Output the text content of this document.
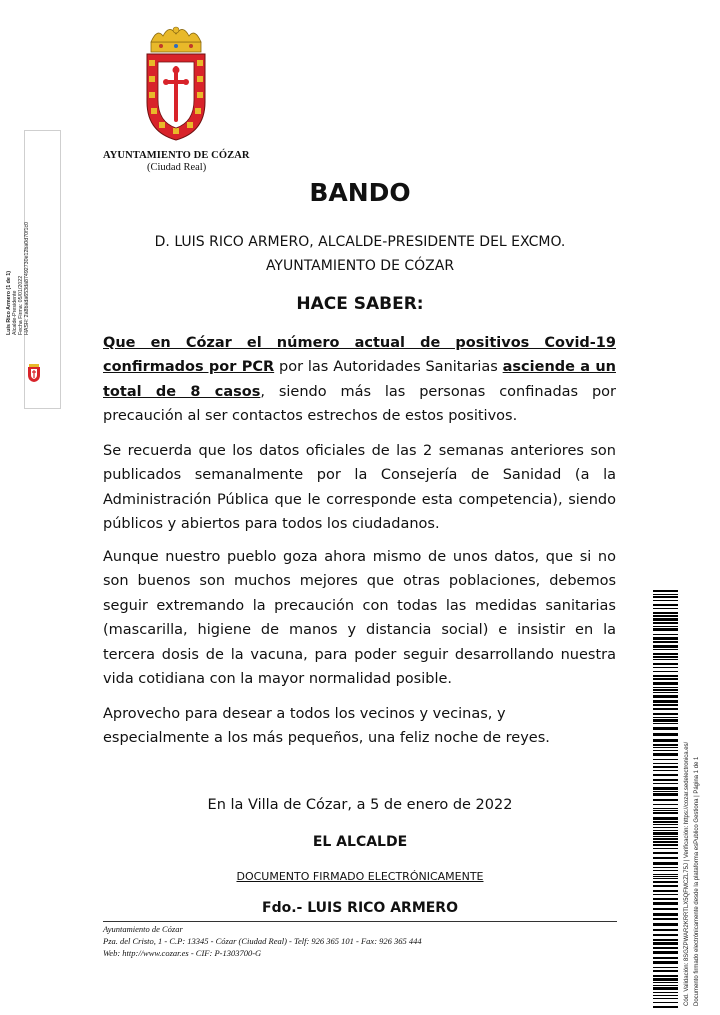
AYUNTAMIENTO DE CÓZAR
(Ciudad Real)
BANDO
D. LUIS RICO ARMERO, ALCALDE-PRESIDENTE DEL EXCMO.
AYUNTAMIENTO DE CÓZAR
HACE SABER:

Que en Cózar el número actual de positivos Covid-19 confirmados por PCR por las Autoridades Sanitarias asciende a un total de 8 casos, siendo más las personas confinadas por precaución al ser contactos estrechos de estos positivos.

Se recuerda que los datos oficiales de las 2 semanas anteriores son publicados semanalmente por la Consejería de Sanidad (a la Administración Pública que le corresponde esta competencia), siendo públicos y abiertos para todos los ciudadanos.

Aunque nuestro pueblo goza ahora mismo de unos datos, que si no son buenos son muchos mejores que otras poblaciones, debemos seguir extremando la precaución con todas las medidas sanitarias (mascarilla, higiene de manos y distancia social) e insistir en la tercera dosis de la vacuna, para poder seguir desarrollando nuestra vida cotidiana con la mayor normalidad posible.

Aprovecho para desear a todos los vecinos y vecinas, y especialmente a los más pequeños, una feliz noche de reyes.

En la Villa de Cózar, a 5 de enero de 2022
EL ALCALDE
DOCUMENTO FIRMADO ELECTRÓNICAMENTE
Fdo.- LUIS RICO ARMERO
Ayuntamiento de Cózar
Pza. del Cristo, 1 - C.P: 13345 - Cózar (Ciudad Real) - Telf: 926 365 101 - Fax: 926 365 444
Web: http://www.cozar.es - CIF: P-1303700-G
Luis Rico Armero (1 de 1) Alcalde-Presidente Fecha Firma: 05/01/2022 HASH: 2a8bada653da87492730e12ba0d70f1c0
Cód. Validación: 8SGZPWAR2KRRTLX5QFMCZL75J | Verificación: https://cozar.sedelectronica.es/ Documento firmado electrónicamente desde la plataforma esPublico Gestiona | Página 1 de 1
